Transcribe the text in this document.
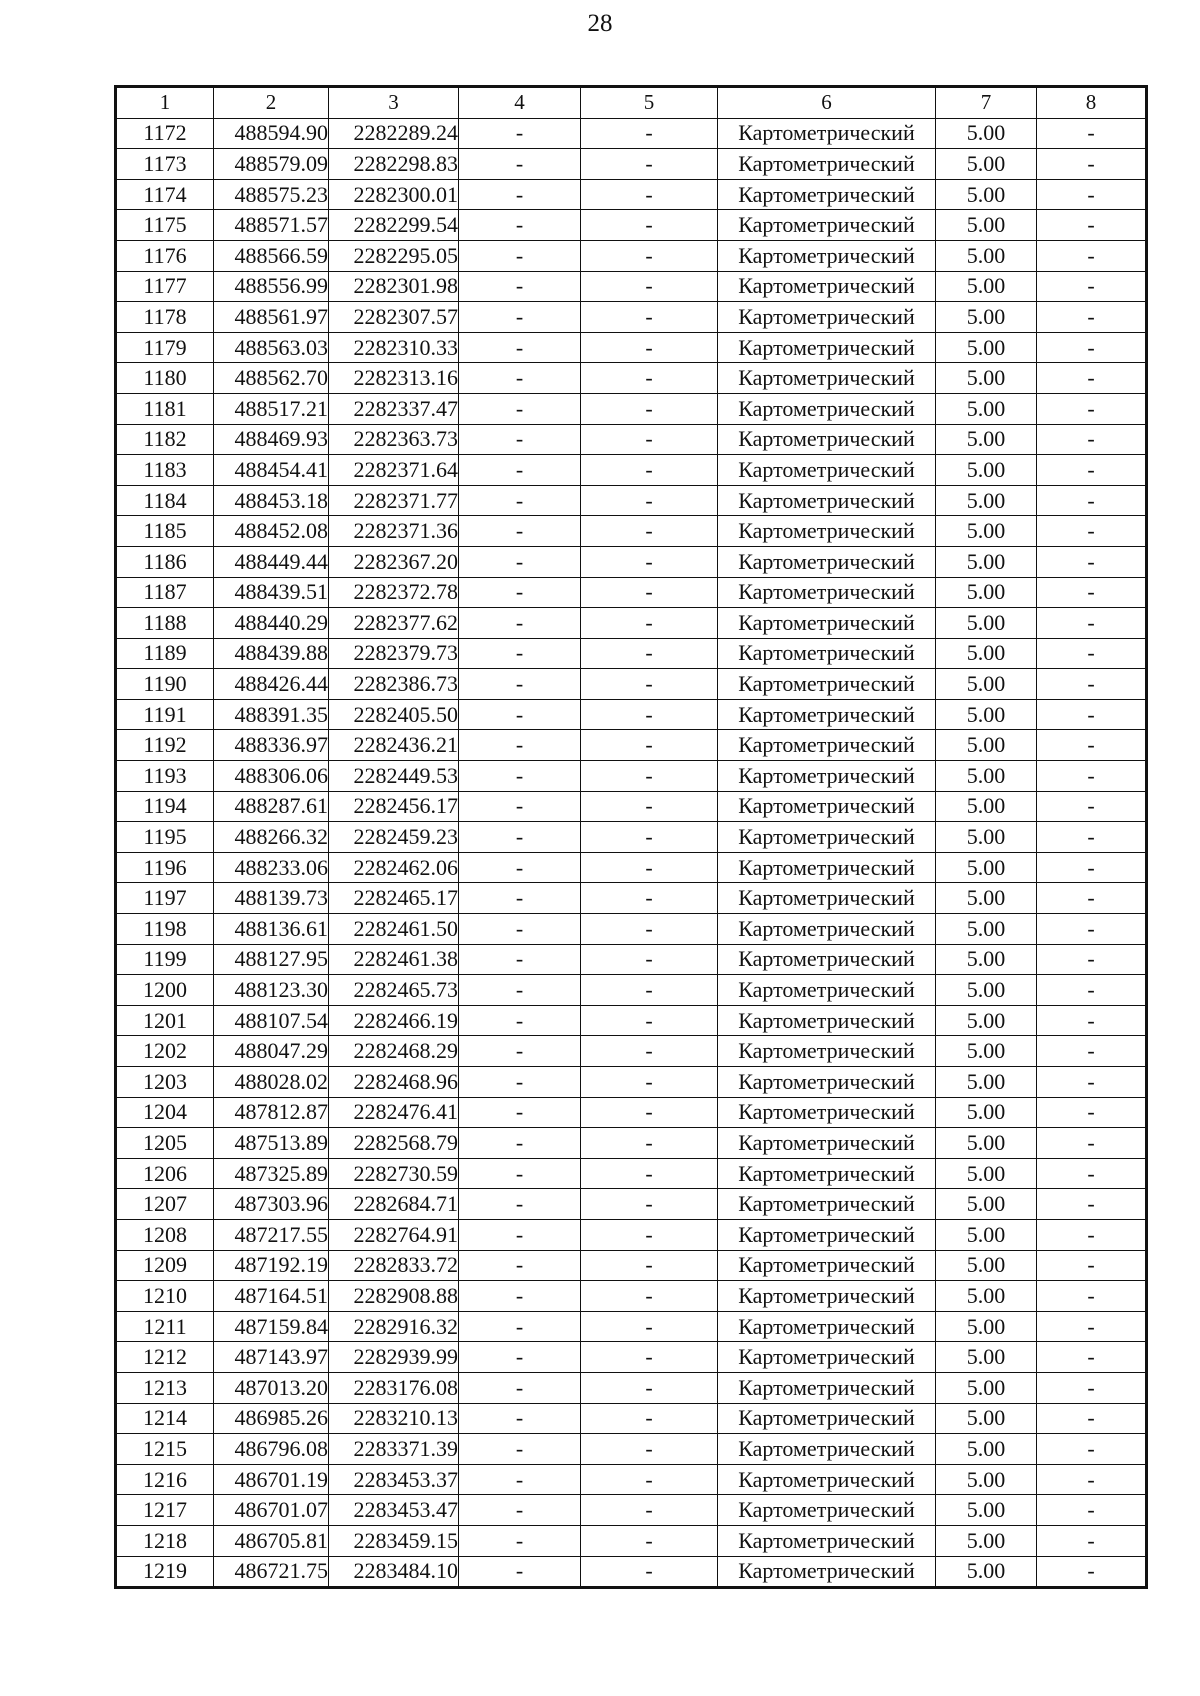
28
1	2	3	4	5	6	7	8
1172	488594.90	2282289.24	-	-	Картометрический	5.00	-
1173	488579.09	2282298.83	-	-	Картометрический	5.00	-
1174	488575.23	2282300.01	-	-	Картометрический	5.00	-
1175	488571.57	2282299.54	-	-	Картометрический	5.00	-
1176	488566.59	2282295.05	-	-	Картометрический	5.00	-
1177	488556.99	2282301.98	-	-	Картометрический	5.00	-
1178	488561.97	2282307.57	-	-	Картометрический	5.00	-
1179	488563.03	2282310.33	-	-	Картометрический	5.00	-
1180	488562.70	2282313.16	-	-	Картометрический	5.00	-
1181	488517.21	2282337.47	-	-	Картометрический	5.00	-
1182	488469.93	2282363.73	-	-	Картометрический	5.00	-
1183	488454.41	2282371.64	-	-	Картометрический	5.00	-
1184	488453.18	2282371.77	-	-	Картометрический	5.00	-
1185	488452.08	2282371.36	-	-	Картометрический	5.00	-
1186	488449.44	2282367.20	-	-	Картометрический	5.00	-
1187	488439.51	2282372.78	-	-	Картометрический	5.00	-
1188	488440.29	2282377.62	-	-	Картометрический	5.00	-
1189	488439.88	2282379.73	-	-	Картометрический	5.00	-
1190	488426.44	2282386.73	-	-	Картометрический	5.00	-
1191	488391.35	2282405.50	-	-	Картометрический	5.00	-
1192	488336.97	2282436.21	-	-	Картометрический	5.00	-
1193	488306.06	2282449.53	-	-	Картометрический	5.00	-
1194	488287.61	2282456.17	-	-	Картометрический	5.00	-
1195	488266.32	2282459.23	-	-	Картометрический	5.00	-
1196	488233.06	2282462.06	-	-	Картометрический	5.00	-
1197	488139.73	2282465.17	-	-	Картометрический	5.00	-
1198	488136.61	2282461.50	-	-	Картометрический	5.00	-
1199	488127.95	2282461.38	-	-	Картометрический	5.00	-
1200	488123.30	2282465.73	-	-	Картометрический	5.00	-
1201	488107.54	2282466.19	-	-	Картометрический	5.00	-
1202	488047.29	2282468.29	-	-	Картометрический	5.00	-
1203	488028.02	2282468.96	-	-	Картометрический	5.00	-
1204	487812.87	2282476.41	-	-	Картометрический	5.00	-
1205	487513.89	2282568.79	-	-	Картометрический	5.00	-
1206	487325.89	2282730.59	-	-	Картометрический	5.00	-
1207	487303.96	2282684.71	-	-	Картометрический	5.00	-
1208	487217.55	2282764.91	-	-	Картометрический	5.00	-
1209	487192.19	2282833.72	-	-	Картометрический	5.00	-
1210	487164.51	2282908.88	-	-	Картометрический	5.00	-
1211	487159.84	2282916.32	-	-	Картометрический	5.00	-
1212	487143.97	2282939.99	-	-	Картометрический	5.00	-
1213	487013.20	2283176.08	-	-	Картометрический	5.00	-
1214	486985.26	2283210.13	-	-	Картометрический	5.00	-
1215	486796.08	2283371.39	-	-	Картометрический	5.00	-
1216	486701.19	2283453.37	-	-	Картометрический	5.00	-
1217	486701.07	2283453.47	-	-	Картометрический	5.00	-
1218	486705.81	2283459.15	-	-	Картометрический	5.00	-
1219	486721.75	2283484.10	-	-	Картометрический	5.00	-
